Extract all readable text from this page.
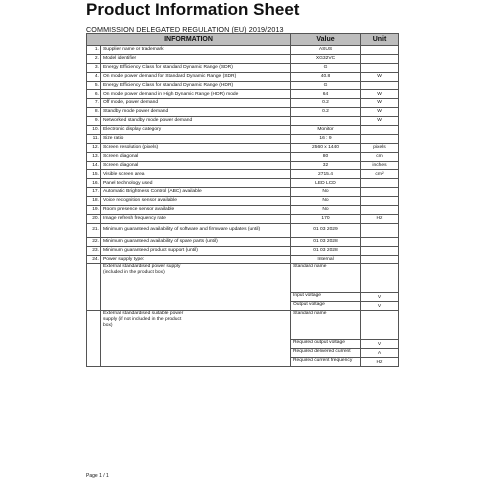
Product Information Sheet
COMMISSION DELEGATED REGULATION (EU) 2019/2013
INFORMATION		Value	Unit
1.	Supplier name or trademark	ASUS	
2.	Model identifier	XG32VC	
3.	Energy Efficiency Class for standard Dynamic Range (SDR)	G	
4.	On mode power demand for Standard Dynamic Range (SDR)	40.8	W
5.	Energy Efficiency Class for standard Dynamic Range (HDR)	G	
6.	On mode power demand in High Dynamic Range (HDR) mode	64	W
7.	Off mode, power demand	0.2	W
8.	Standby mode power demand	0.2	W
9.	Networked standby mode power demand		W
10.	Electronic display category	Monitor	
11.	Size ratio	16 : 9	
12.	Screen resolution (pixels)	2560 x 1440	pixels
13.	Screen diagonal	80	cm
14.	Screen diagonal	32	inches
15.	Visible screen area	2715.4	cm²
16.	Panel technology used	LED LCD	
17.	Automatic Brightness Control (ABC) available	No	
18.	Voice recognition sensor available	No	
19.	Room presence sensor available	No	
20.	Image refresh frequency rate	170	Hz
21.	Minimum guaranteed availability of software and firmware updates (until)	01 03 2029	
22.	Minimum guaranteed availability of spare parts (until)	01 03 2028	
23.	Minimum guaranteed product support (until)	01 03 2028	
24.	Power supply type:	Internal	

	External standardised power supply (included in the product box)	Standard name	
		Input voltage	V
		Output voltage	V

	External standardised suitable power supply (if not included in the product box)	Standard name	
		Required output voltage	V
		Required delivered current	A
		Required current frequency	Hz
Page 1 / 1
